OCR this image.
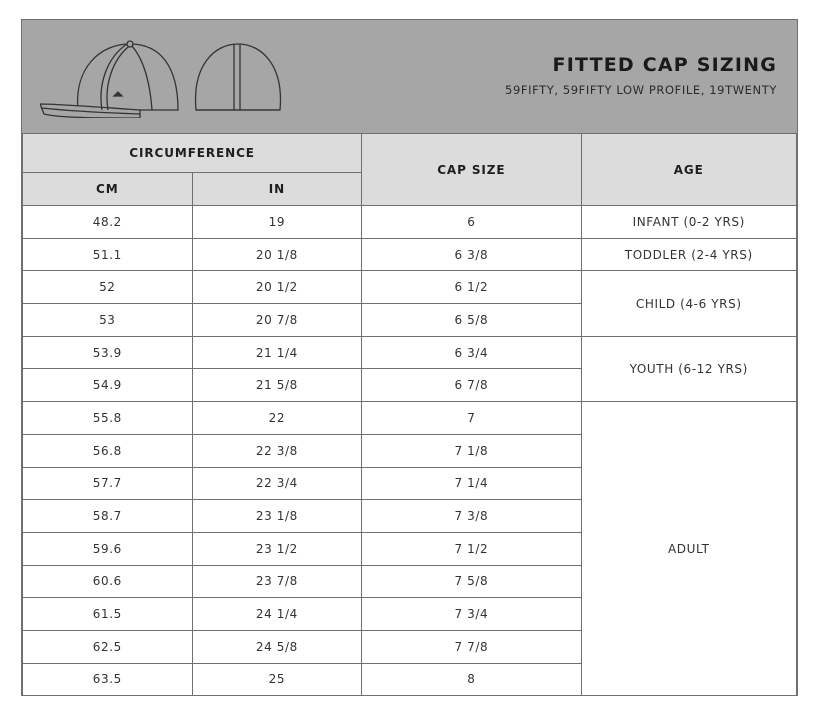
FITTED CAP SIZING
59FIFTY, 59FIFTY LOW PROFILE, 19TWENTY
CIRCUMFERENCE		CAP SIZE	AGE
CM	IN		
48.2	19	6	INFANT (0-2 YRS)
51.1	20 1/8	6 3/8	TODDLER (2-4 YRS)
52	20 1/2	6 1/2	CHILD (4-6 YRS)
53	20 7/8	6 5/8	
53.9	21 1/4	6 3/4	YOUTH (6-12 YRS)
54.9	21 5/8	6 7/8	
55.8	22	7	ADULT
56.8	22 3/8	7 1/8	
57.7	22 3/4	7 1/4	
58.7	23 1/8	7 3/8	
59.6	23 1/2	7 1/2	
60.6	23 7/8	7 5/8	
61.5	24 1/4	7 3/4	
62.5	24 5/8	7 7/8	
63.5	25	8	
